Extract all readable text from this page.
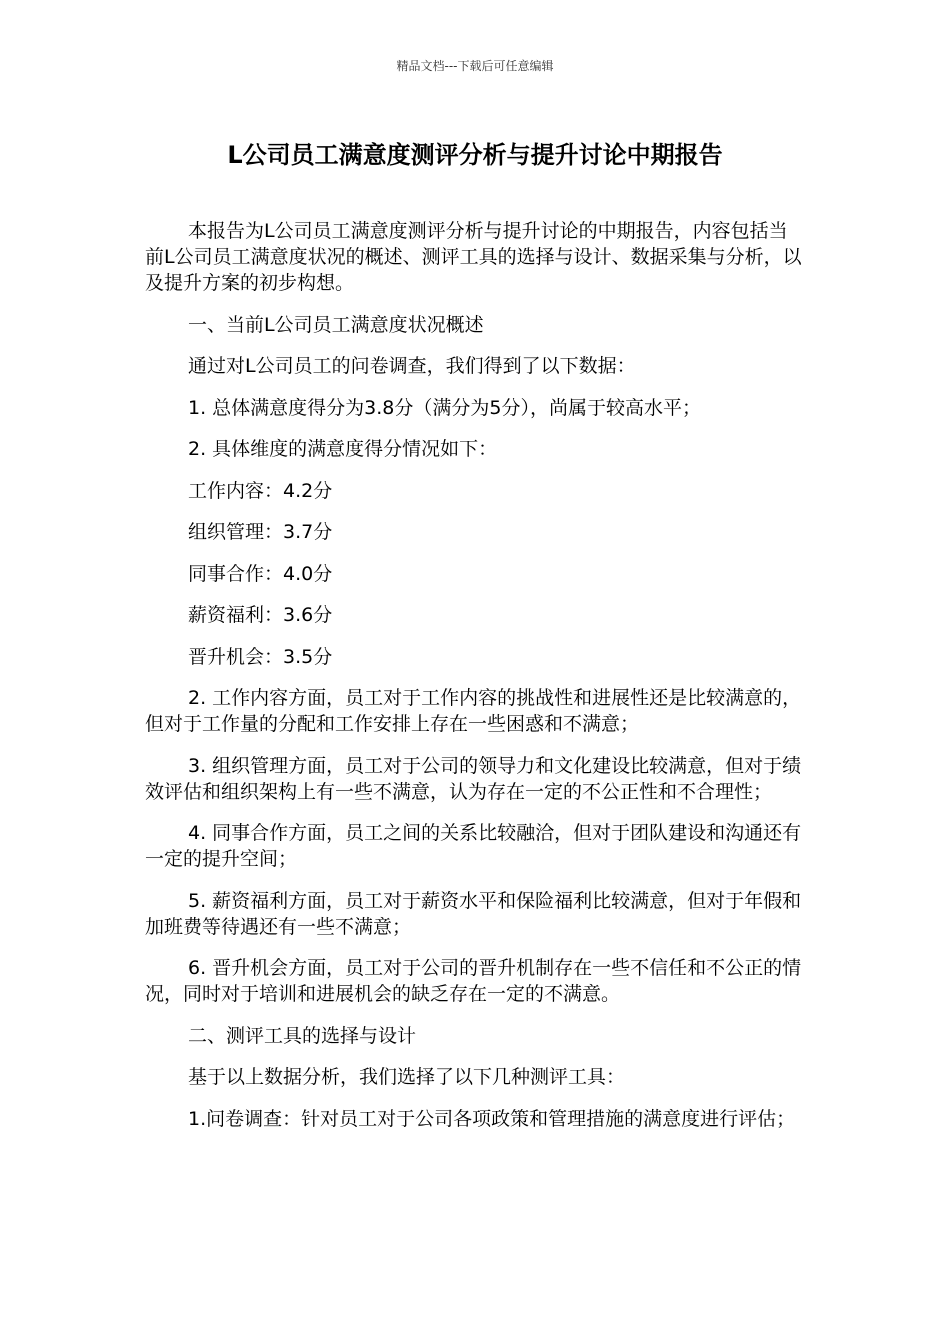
精品文档---下载后可任意编辑
L公司员工满意度测评分析与提升讨论中期报告

本报告为L公司员工满意度测评分析与提升讨论的中期报告，内容包括当前L公司员工满意度状况的概述、测评工具的选择与设计、数据采集与分析，以及提升方案的初步构想。

一、当前L公司员工满意度状况概述

通过对L公司员工的问卷调查，我们得到了以下数据：

1. 总体满意度得分为3.8分（满分为5分），尚属于较高水平；

2. 具体维度的满意度得分情况如下：

工作内容：4.2分

组织管理：3.7分

同事合作：4.0分

薪资福利：3.6分

晋升机会：3.5分

2. 工作内容方面，员工对于工作内容的挑战性和进展性还是比较满意的，但对于工作量的分配和工作安排上存在一些困惑和不满意；

3. 组织管理方面，员工对于公司的领导力和文化建设比较满意，但对于绩效评估和组织架构上有一些不满意，认为存在一定的不公正性和不合理性；

4. 同事合作方面，员工之间的关系比较融洽，但对于团队建设和沟通还有一定的提升空间；

5. 薪资福利方面，员工对于薪资水平和保险福利比较满意，但对于年假和加班费等待遇还有一些不满意；

6. 晋升机会方面，员工对于公司的晋升机制存在一些不信任和不公正的情况，同时对于培训和进展机会的缺乏存在一定的不满意。

二、测评工具的选择与设计

基于以上数据分析，我们选择了以下几种测评工具：

1.问卷调查：针对员工对于公司各项政策和管理措施的满意度进行评估；
